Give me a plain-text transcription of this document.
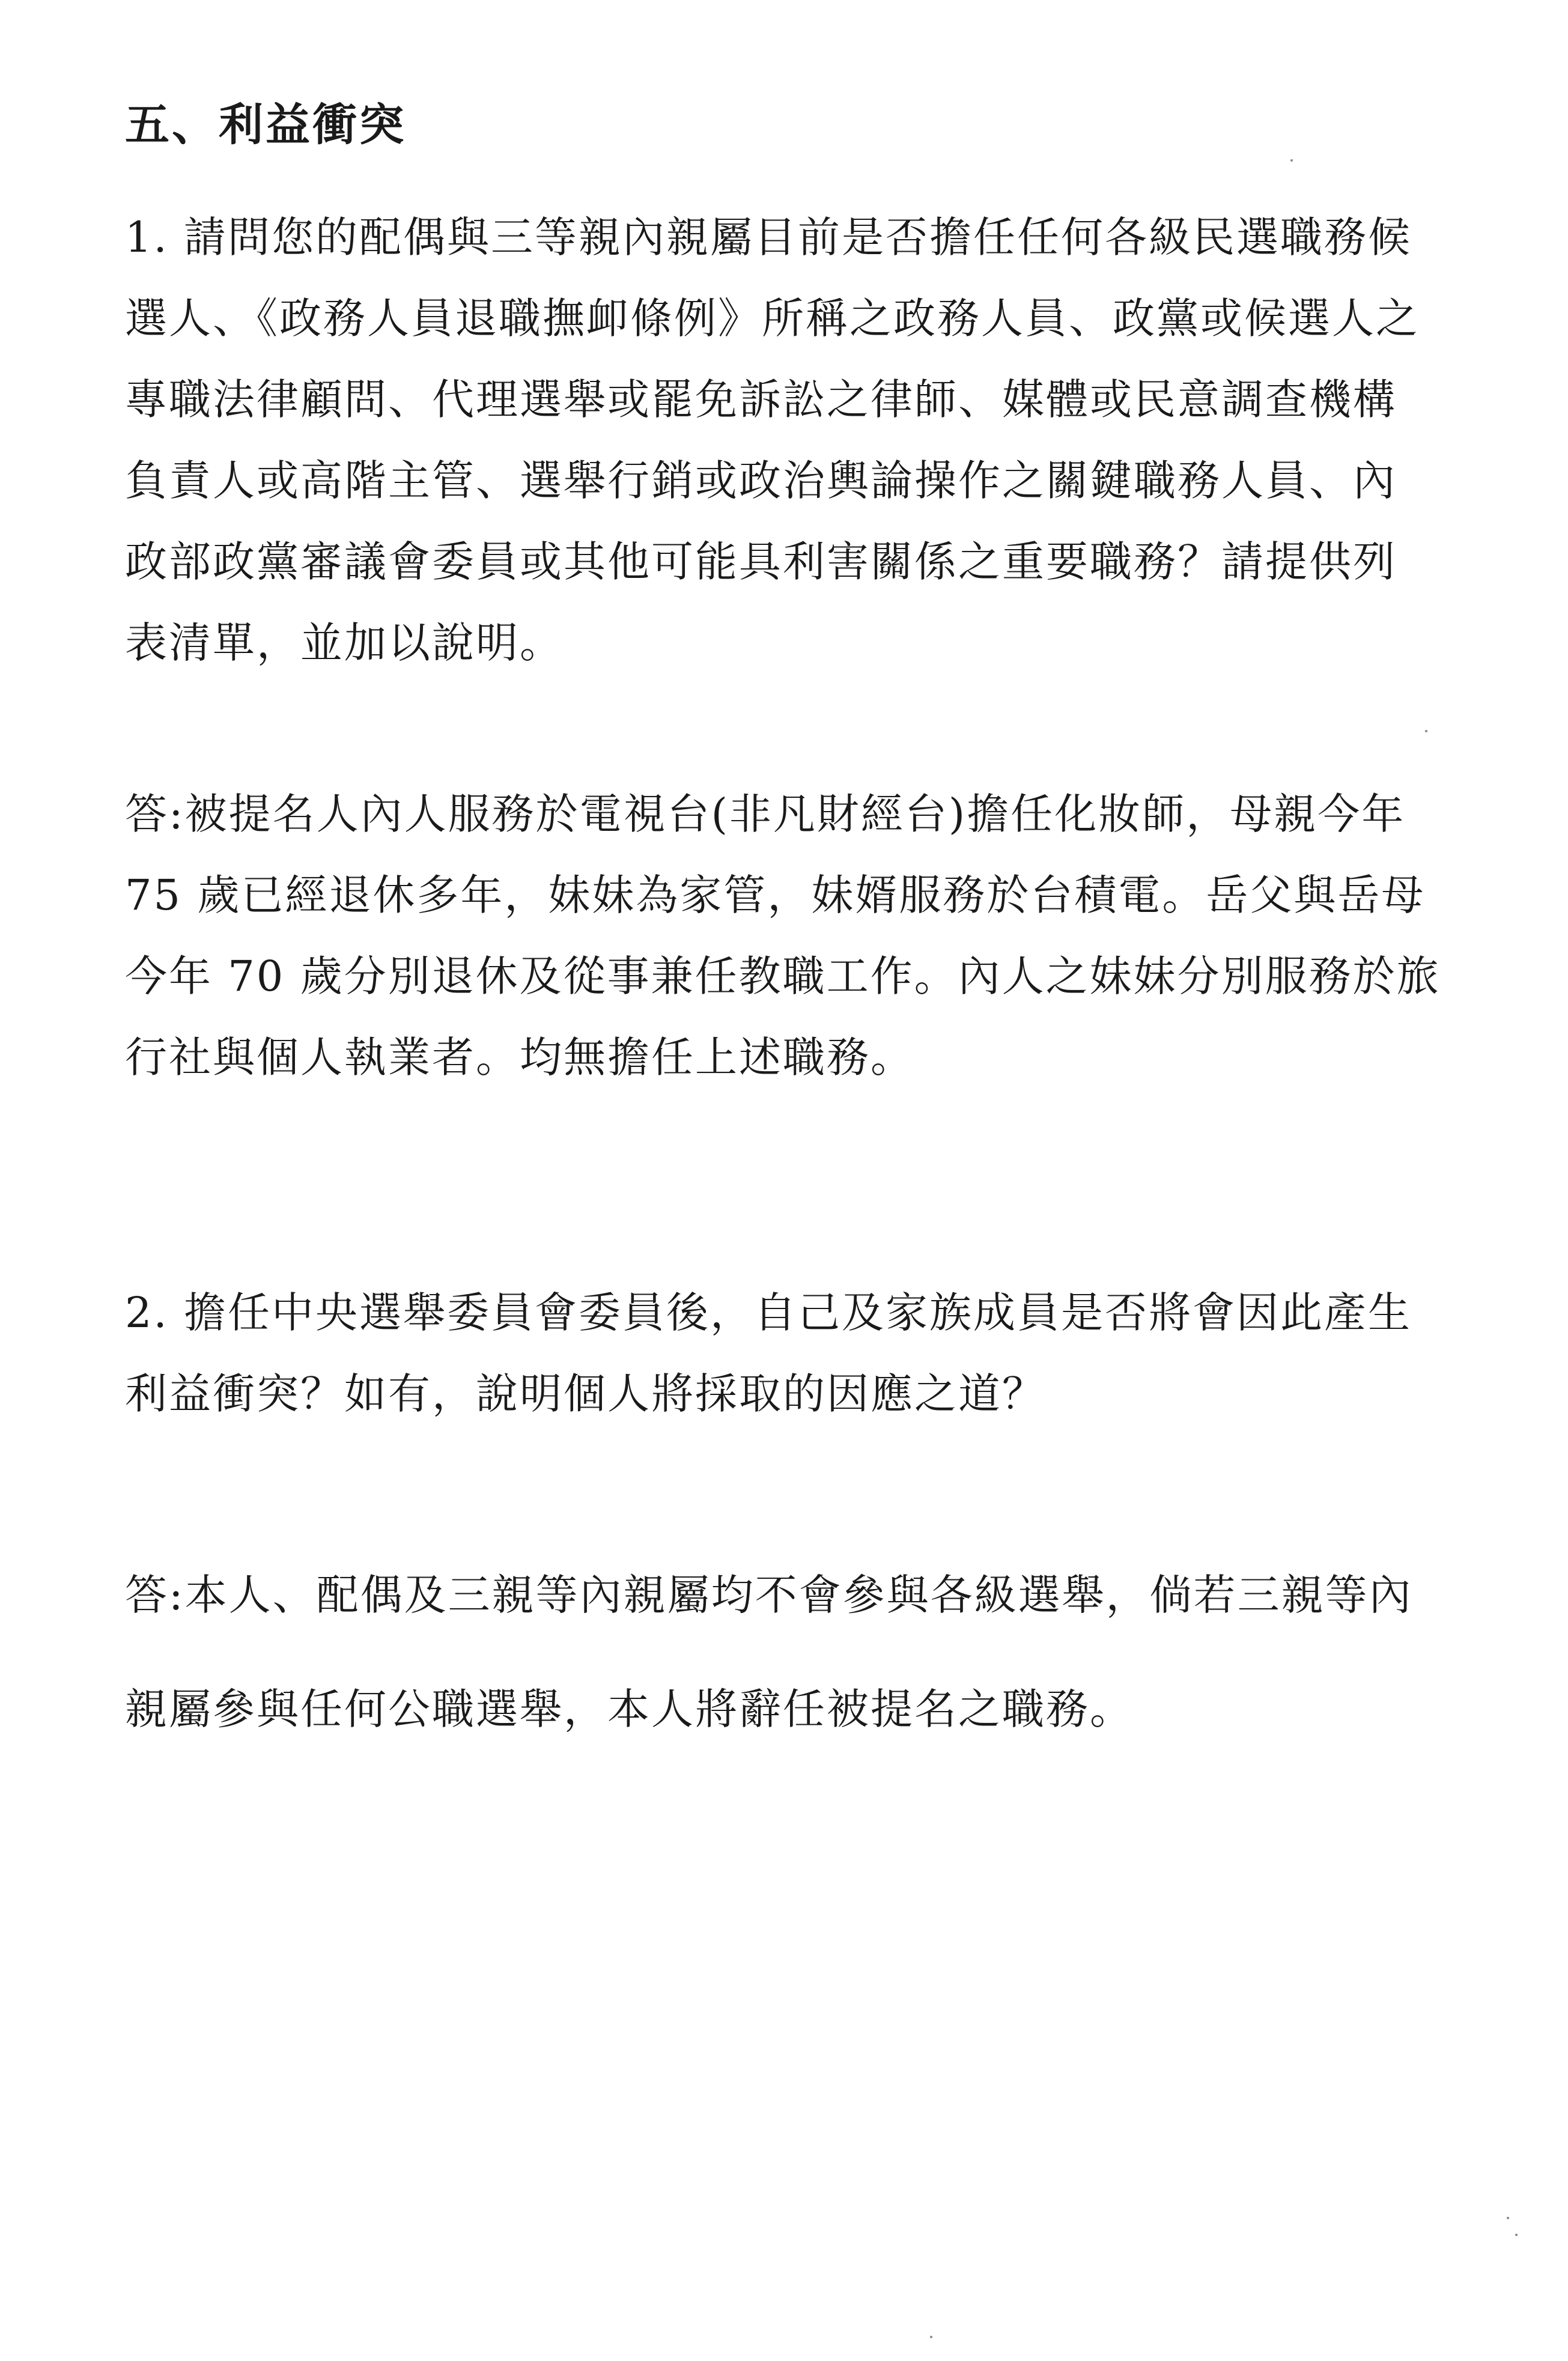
五、利益衝突

1. 請問您的配偶與三等親內親屬目前是否擔任任何各級民選職務候

選人、《政務人員退職撫卹條例》所稱之政務人員、政黨或候選人之

專職法律顧問、代理選舉或罷免訴訟之律師、媒體或民意調查機構

負責人或高階主管、選舉行銷或政治輿論操作之關鍵職務人員、內

政部政黨審議會委員或其他可能具利害關係之重要職務？請提供列

表清單，並加以說明。

答:被提名人內人服務於電視台(非凡財經台)擔任化妝師，母親今年

75 歲已經退休多年，妹妹為家管，妹婿服務於台積電。岳父與岳母

今年 70 歲分別退休及從事兼任教職工作。內人之妹妹分別服務於旅

行社與個人執業者。均無擔任上述職務。

2. 擔任中央選舉委員會委員後，自己及家族成員是否將會因此產生

利益衝突？如有，說明個人將採取的因應之道？

答:本人、配偶及三親等內親屬均不會參與各級選舉，倘若三親等內

親屬參與任何公職選舉，本人將辭任被提名之職務。
